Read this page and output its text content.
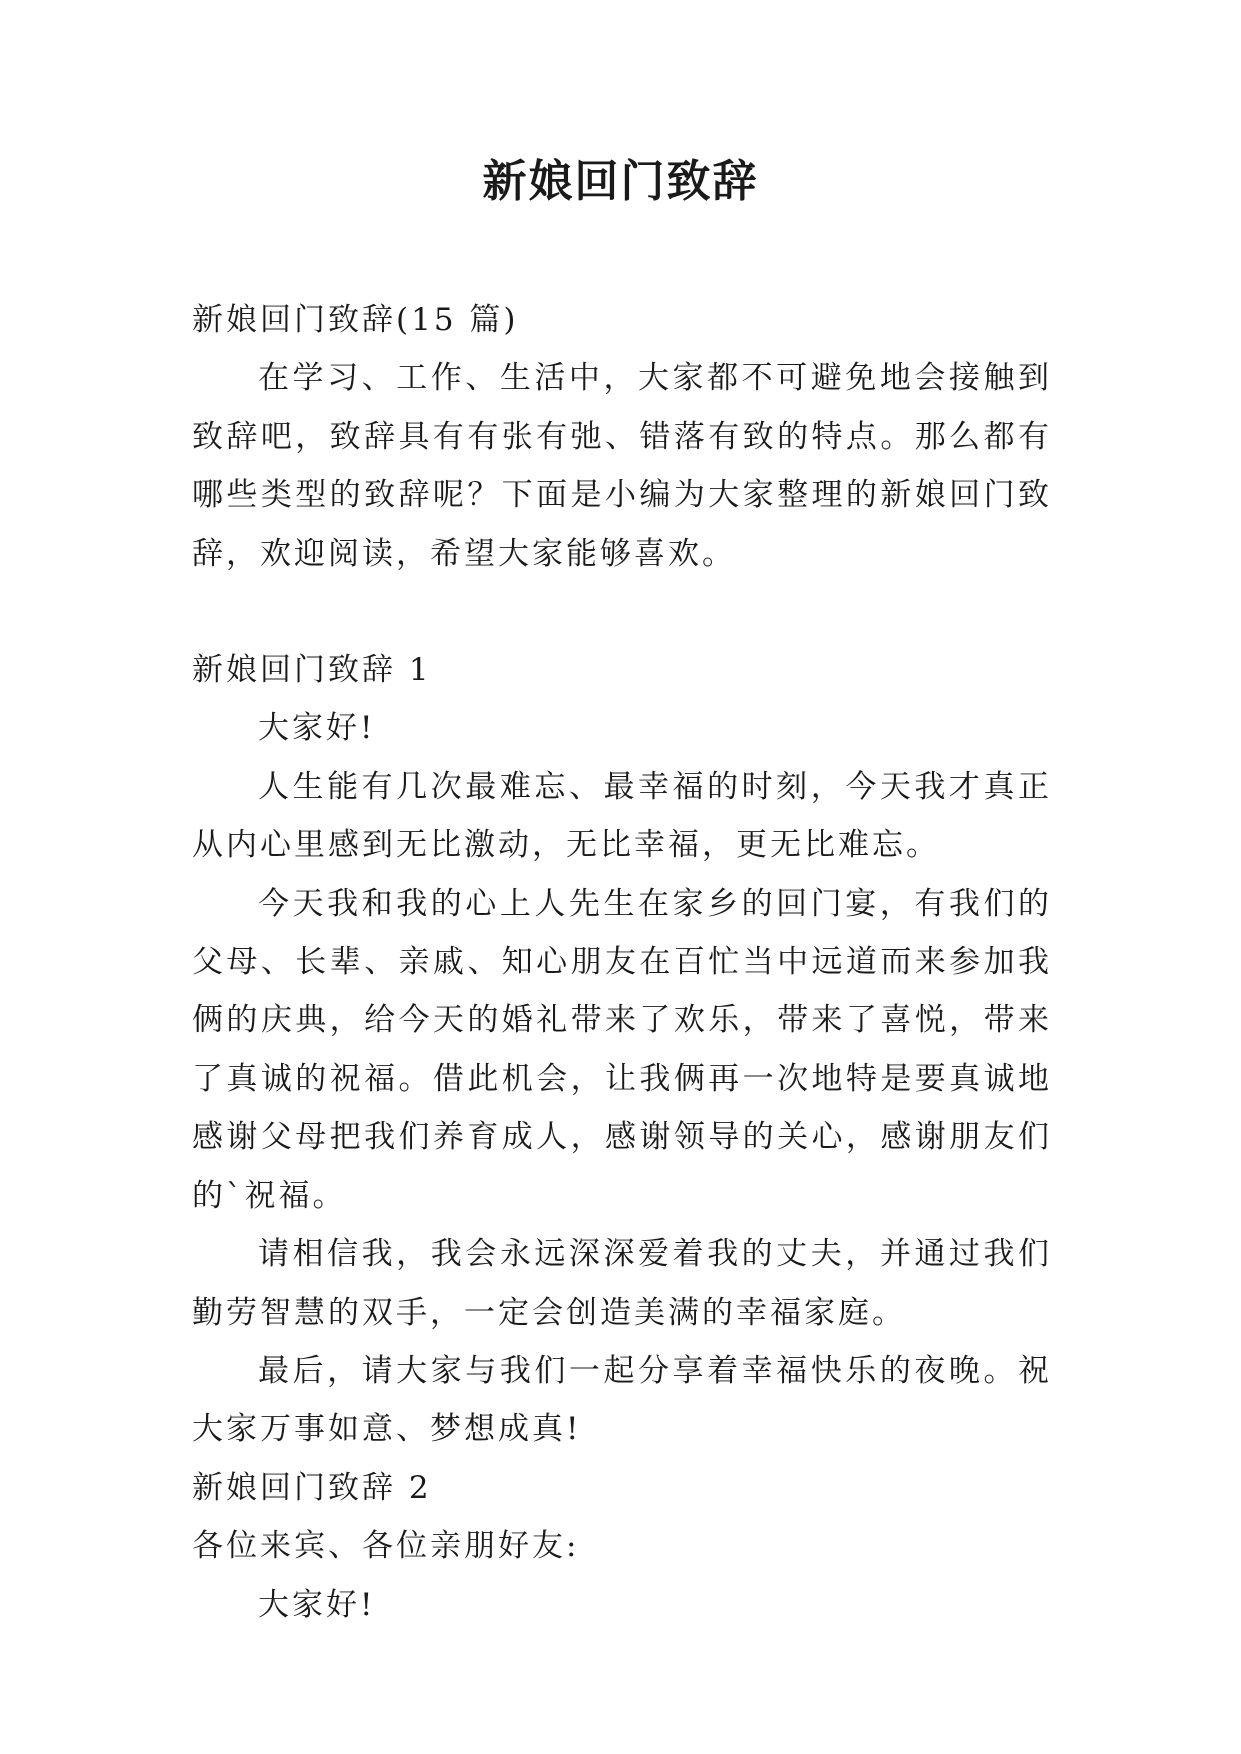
新娘回门致辞

新娘回门致辞(15 篇)

在学习、工作、生活中，大家都不可避免地会接触到致辞吧，致辞具有有张有弛、错落有致的特点。那么都有哪些类型的致辞呢？下面是小编为大家整理的新娘回门致辞，欢迎阅读，希望大家能够喜欢。

新娘回门致辞 1

大家好!

人生能有几次最难忘、最幸福的时刻，今天我才真正从内心里感到无比激动，无比幸福，更无比难忘。

今天我和我的心上人先生在家乡的回门宴，有我们的父母、长辈、亲戚、知心朋友在百忙当中远道而来参加我俩的庆典，给今天的婚礼带来了欢乐，带来了喜悦，带来了真诚的祝福。借此机会，让我俩再一次地特是要真诚地感谢父母把我们养育成人，感谢领导的关心，感谢朋友们的`祝福。

请相信我，我会永远深深爱着我的丈夫，并通过我们勤劳智慧的双手，一定会创造美满的幸福家庭。

最后，请大家与我们一起分享着幸福快乐的夜晚。祝大家万事如意、梦想成真!

新娘回门致辞 2

各位来宾、各位亲朋好友:

大家好!
